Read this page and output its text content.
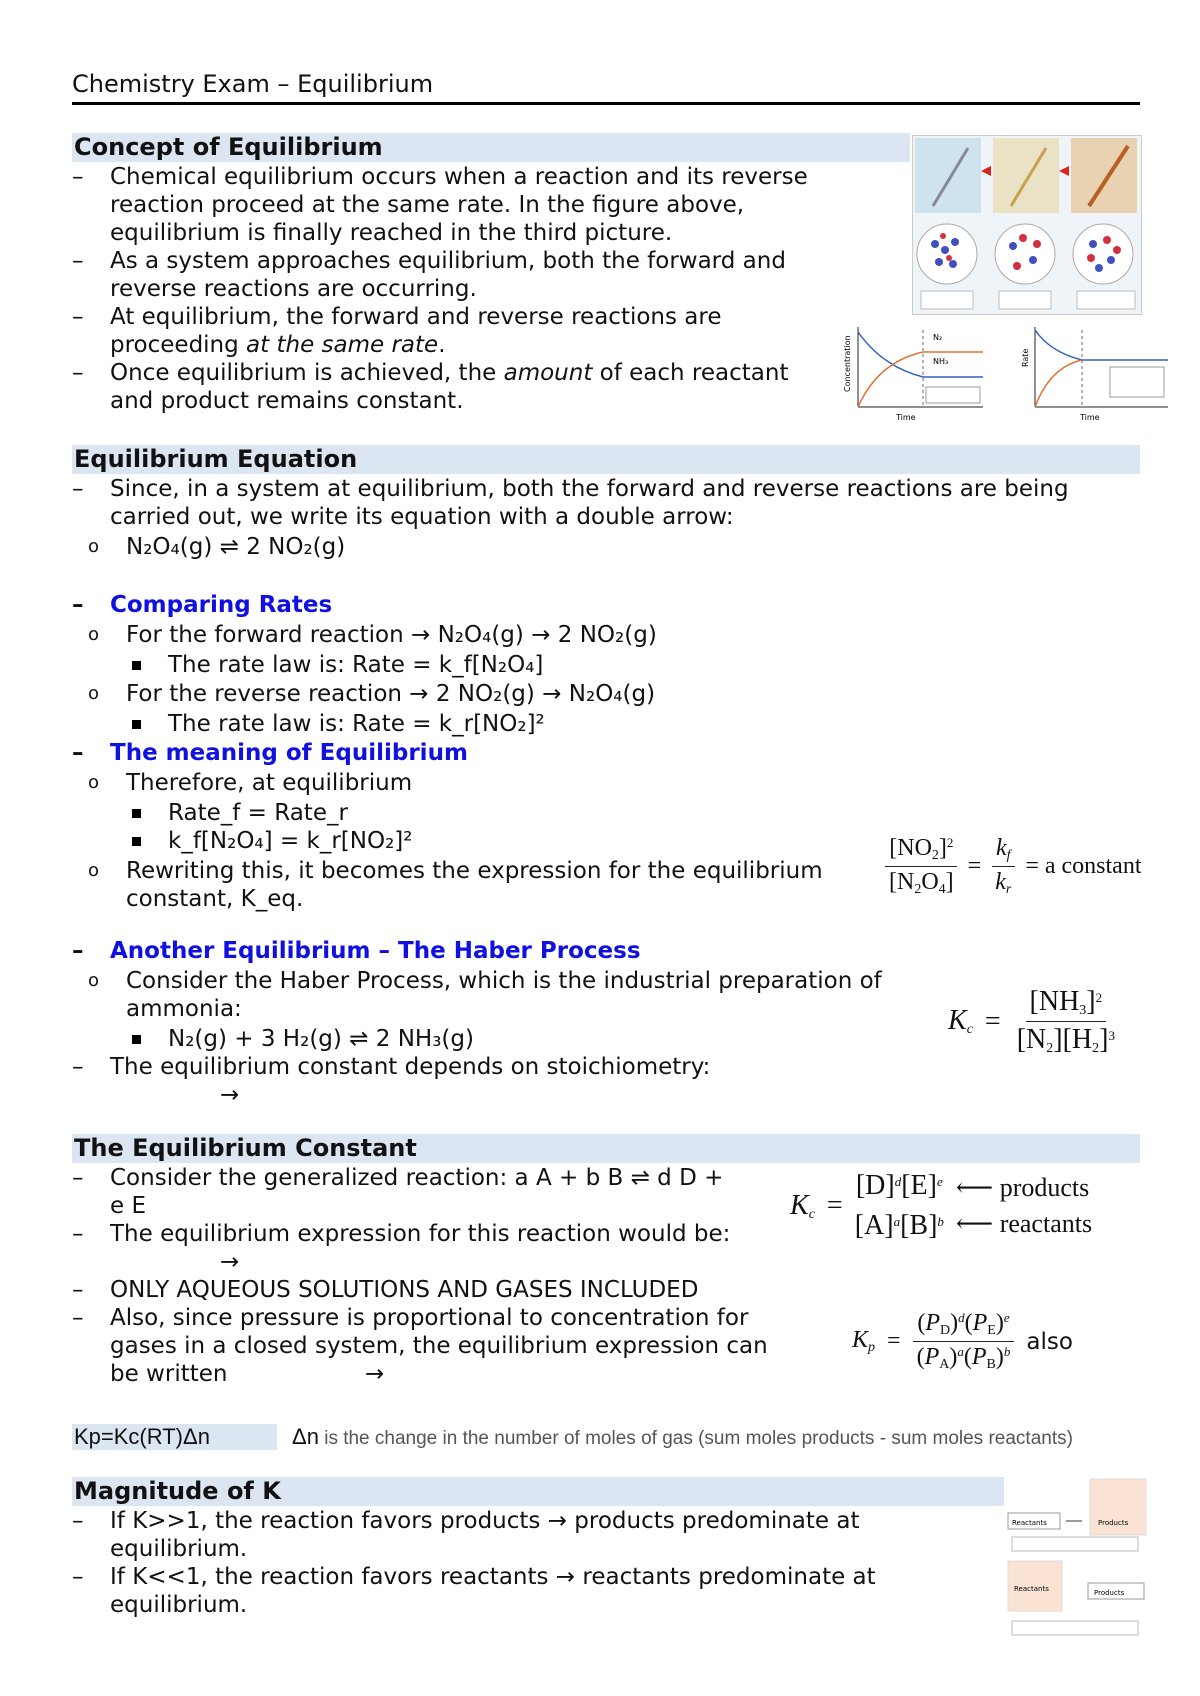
Chemistry Exam – Equilibrium
Concept of Equilibrium
– Chemical equilibrium occurs when a reaction and its reverse
reaction proceed at the same rate. In the figure above,
equilibrium is finally reached in the third picture.
– As a system approaches equilibrium, both the forward and
reverse reactions are occurring.
– At equilibrium, the forward and reverse reactions are
proceeding at the same rate.
– Once equilibrium is achieved, the amount of each reactant
and product remains constant.
N₂
NH₃
Time
Concentration
Time
Rate
Equilibrium Equation
– Since, in a system at equilibrium, both the forward and reverse reactions are being
carried out, we write its equation with a double arrow:
o N₂O₄(g) ⇌ 2 NO₂(g)
– Comparing Rates
o For the forward reaction → N₂O₄(g) → 2 NO₂(g)
The rate law is: Rate = k_f[N₂O₄]
o For the reverse reaction → 2 NO₂(g) → N₂O₄(g)
The rate law is: Rate = k_r[NO₂]²
– The meaning of Equilibrium
o Therefore, at equilibrium
Rate_f = Rate_r
k_f[N₂O₄] = k_r[NO₂]²
o Rewriting this, it becomes the expression for the equilibrium
constant, K_eq.
$\frac{[NO_2]^2}{[N_2O_4]} = \frac{k_f}{k_r} = a$ constant
– Another Equilibrium – The Haber Process
o Consider the Haber Process, which is the industrial preparation of
ammonia:
N₂(g) + 3 H₂(g) ⇌ 2 NH₃(g)
– The equilibrium constant depends on stoichiometry:
→
$K_c = \frac{[NH_3]^2}{[N_2][H_2]^3}$
The Equilibrium Constant
– Consider the generalized reaction: a A + b B ⇌ d D +
e E
– The equilibrium expression for this reaction would be:
→
– ONLY AQUEOUS SOLUTIONS AND GASES INCLUDED
– Also, since pressure is proportional to concentration for
gases in a closed system, the equilibrium expression can
be written	→
$K_c$ =
$[D]^d[E]^e$
$[A]^a[B]^b$
⟵ products
⟵ reactants
$K_p = \frac{(P_D)^d(P_E)^e}{(P_A)^a(P_B)^b}$ also
Kp=Kc(RT)Δn	Δn is the change in the number of moles of gas (sum moles products - sum moles reactants)
Magnitude of K
– If K>>1, the reaction favors products → products predominate at
equilibrium.
– If K<<1, the reaction favors reactants → reactants predominate at
equilibrium.
Reactants	Products
Reactants	Products
